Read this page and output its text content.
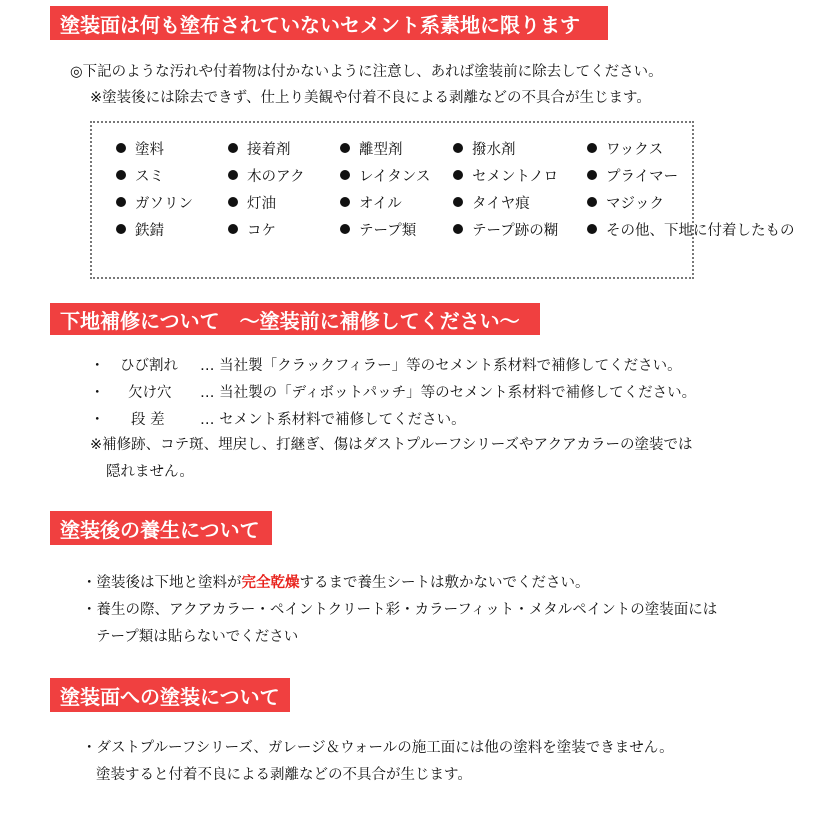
塗装面は何も塗布されていないセメント系素地に限ります
◎下記のような汚れや付着物は付かないように注意し、あれば塗装前に除去してください。
※塗装後には除去できず、仕上り美観や付着不良による剥離などの不具合が生じます。
塗料	接着剤	離型剤	撥水剤	ワックス
スミ	木のアク	レイタンス	セメントノロ	プライマー
ガソリン	灯油	オイル	タイヤ痕	マジック
鉄錆	コケ	テープ類	テープ跡の糊	その他、下地に付着したもの
下地補修について　～塗装前に補修してください～
・ ひび割れ … 当社製「クラックフィラー」等のセメント系材料で補修してください。
・ 欠け穴 … 当社製の「ディボットパッチ」等のセメント系材料で補修してください。
・ 段 差 … セメント系材料で補修してください。
※補修跡、コテ斑、埋戻し、打継ぎ、傷はダストプルーフシリーズやアクアカラーの塗装では
隠れません。
塗装後の養生について
・塗装後は下地と塗料が完全乾燥するまで養生シートは敷かないでください。
・養生の際、アクアカラー・ペイントクリート彩・カラーフィット・メタルペイントの塗装面には
テープ類は貼らないでください
塗装面への塗装について
・ダストプルーフシリーズ、ガレージ＆ウォールの施工面には他の塗料を塗装できません。
塗装すると付着不良による剥離などの不具合が生じます。
